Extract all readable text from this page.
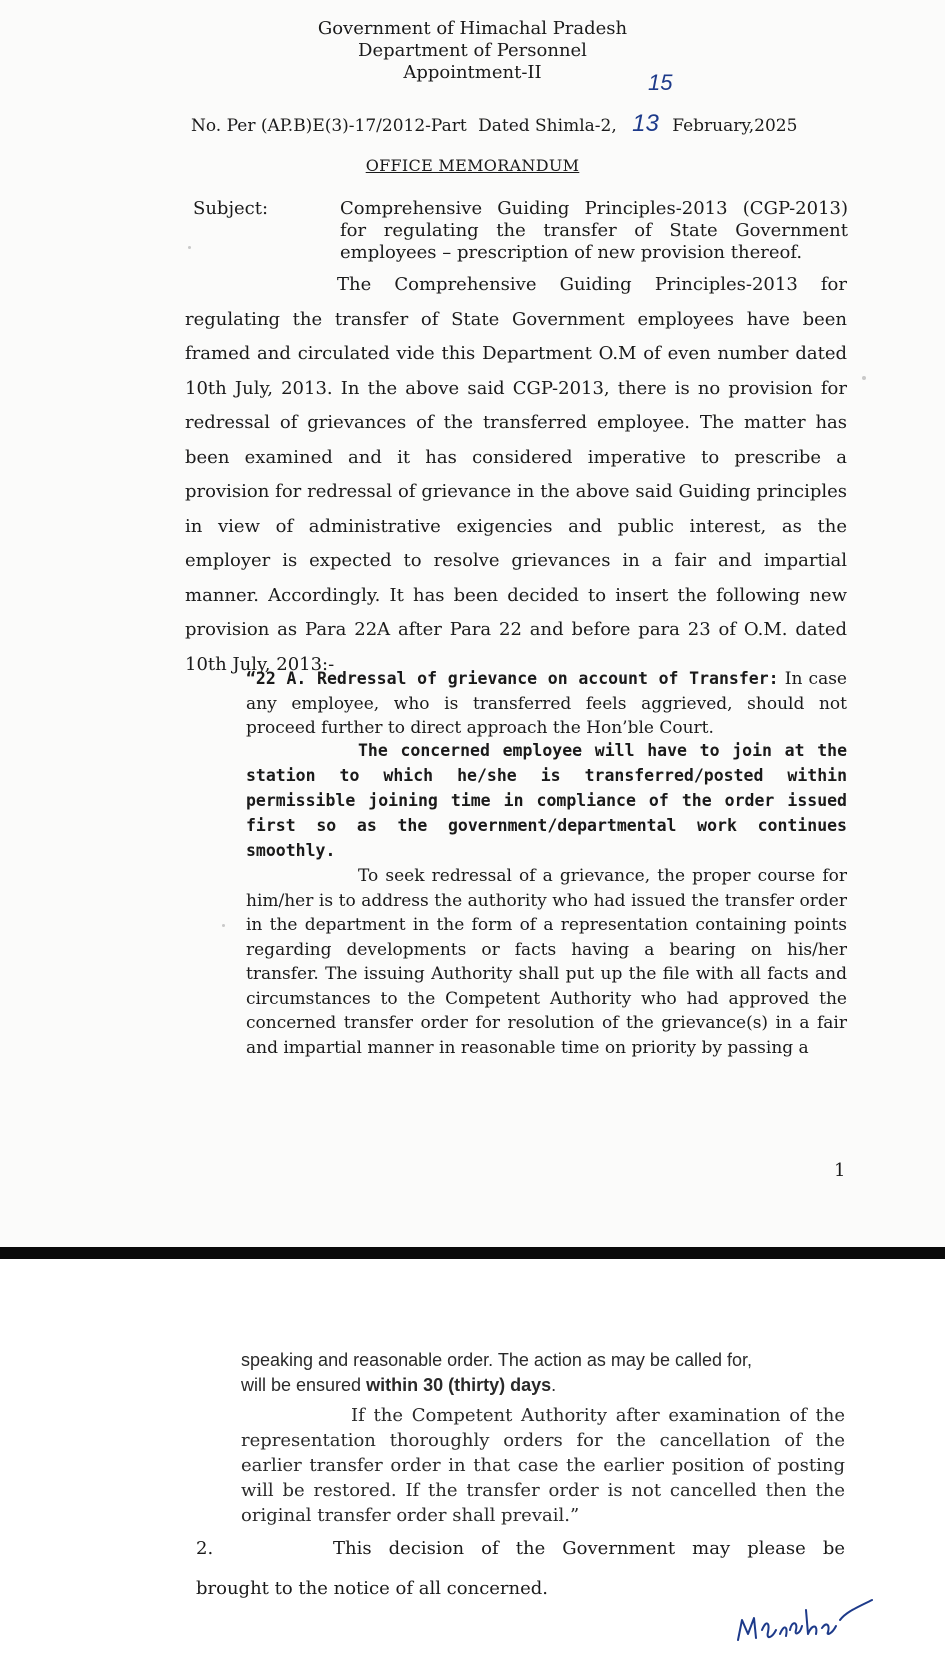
Government of Himachal Pradesh
Department of Personnel
Appointment-II	15
No. Per (AP.B)E(3)-17/2012-Part Dated Shimla-2, 13 February,2025
OFFICE MEMORANDUM
Subject:	Comprehensive Guiding Principles-2013 (CGP-2013) for regulating the transfer of State Government employees – prescription of new provision thereof.
The Comprehensive Guiding Principles-2013 for regulating the transfer of State Government employees have been framed and circulated vide this Department O.M of even number dated 10th July, 2013. In the above said CGP-2013, there is no provision for redressal of grievances of the transferred employee. The matter has been examined and it has considered imperative to prescribe a provision for redressal of grievance in the above said Guiding principles in view of administrative exigencies and public interest, as the employer is expected to resolve grievances in a fair and impartial manner. Accordingly. It has been decided to insert the following new provision as Para 22A after Para 22 and before para 23 of O.M. dated 10th July, 2013:-
“22 A. Redressal of grievance on account of Transfer: In case any employee, who is transferred feels aggrieved, should not proceed further to direct approach the Hon’ble Court.
The concerned employee will have to join at the station to which he/she is transferred/posted within permissible joining time in compliance of the order issued first so as the government/departmental work continues smoothly.
To seek redressal of a grievance, the proper course for him/her is to address the authority who had issued the transfer order in the department in the form of a representation containing points regarding developments or facts having a bearing on his/her transfer. The issuing Authority shall put up the file with all facts and circumstances to the Competent Authority who had approved the concerned transfer order for resolution of the grievance(s) in a fair and impartial manner in reasonable time on priority by passing a
1
speaking and reasonable order. The action as may be called for,
will be ensured within 30 (thirty) days.
If the Competent Authority after examination of the representation thoroughly orders for the cancellation of the earlier transfer order in that case the earlier position of posting will be restored. If the transfer order is not cancelled then the original transfer order shall prevail.”
2.	This decision of the Government may please be
brought to the notice of all concerned.
